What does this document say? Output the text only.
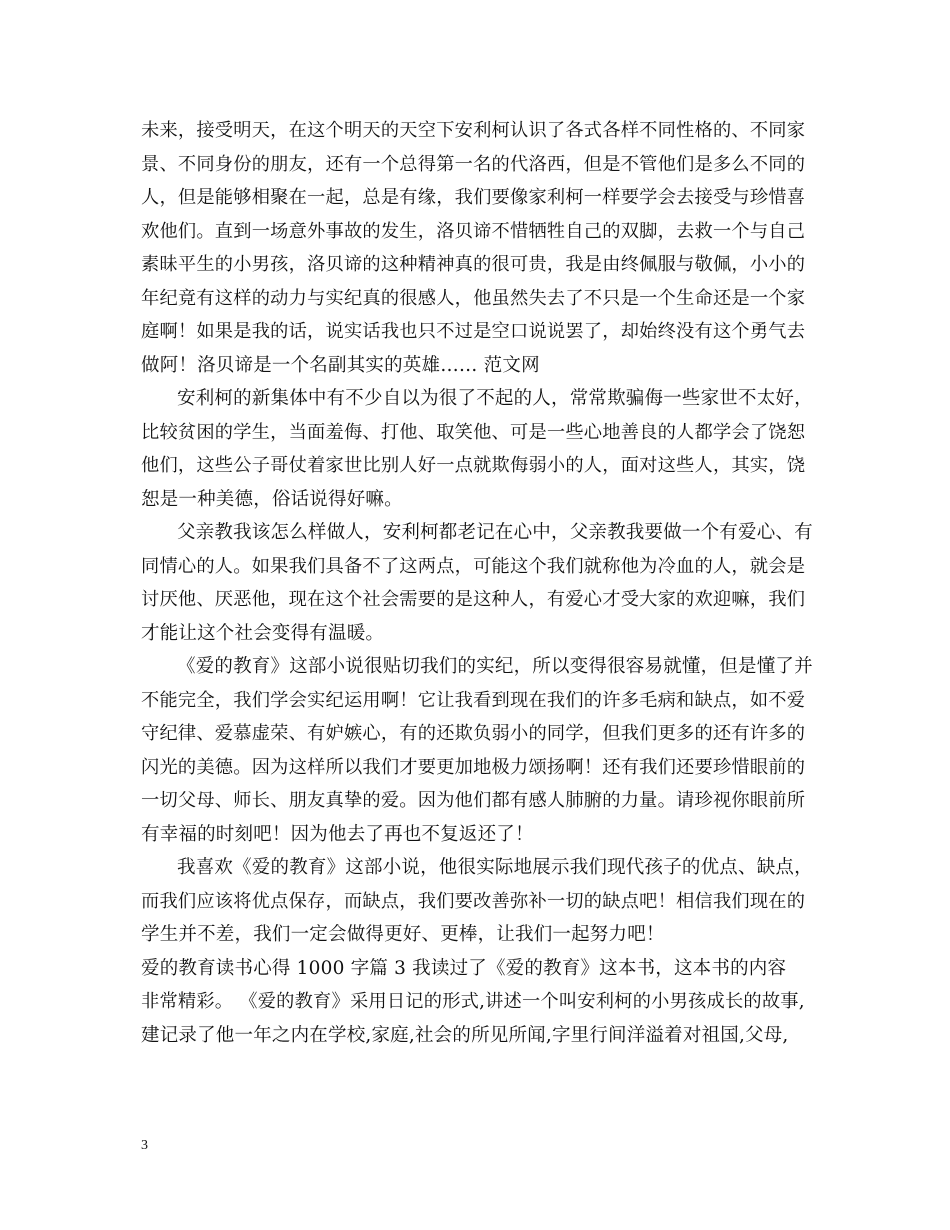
未来，接受明天，在这个明天的天空下安利柯认识了各式各样不同性格的、不同家
景、不同身份的朋友，还有一个总得第一名的代洛西，但是不管他们是多么不同的
人，但是能够相聚在一起，总是有缘，我们要像家利柯一样要学会去接受与珍惜喜
欢他们。直到一场意外事故的发生，洛贝谛不惜牺牲自己的双脚，去救一个与自己
素昧平生的小男孩，洛贝谛的这种精神真的很可贵，我是由终佩服与敬佩，小小的
年纪竟有这样的动力与实纪真的很感人，他虽然失去了不只是一个生命还是一个家
庭啊！如果是我的话，说实话我也只不过是空口说说罢了，却始终没有这个勇气去
做阿！洛贝谛是一个名副其实的英雄…… 范文网
安利柯的新集体中有不少自以为很了不起的人，常常欺骗侮一些家世不太好，
比较贫困的学生，当面羞侮、打他、取笑他、可是一些心地善良的人都学会了饶恕
他们，这些公子哥仗着家世比别人好一点就欺侮弱小的人，面对这些人，其实，饶
恕是一种美德，俗话说得好嘛。
父亲教我该怎么样做人，安利柯都老记在心中，父亲教我要做一个有爱心、有
同情心的人。如果我们具备不了这两点，可能这个我们就称他为冷血的人，就会是
讨厌他、厌恶他，现在这个社会需要的是这种人，有爱心才受大家的欢迎嘛，我们
才能让这个社会变得有温暖。
《爱的教育》这部小说很贴切我们的实纪，所以变得很容易就懂，但是懂了并
不能完全，我们学会实纪运用啊！它让我看到现在我们的许多毛病和缺点，如不爱
守纪律、爱慕虚荣、有妒嫉心，有的还欺负弱小的同学，但我们更多的还有许多的
闪光的美德。因为这样所以我们才要更加地极力颂扬啊！还有我们还要珍惜眼前的
一切父母、师长、朋友真挚的爱。因为他们都有感人肺腑的力量。请珍视你眼前所
有幸福的时刻吧！因为他去了再也不复返还了！
我喜欢《爱的教育》这部小说，他很实际地展示我们现代孩子的优点、缺点，
而我们应该将优点保存，而缺点，我们要改善弥补一切的缺点吧！相信我们现在的
学生并不差，我们一定会做得更好、更棒，让我们一起努力吧！
爱的教育读书心得 1000 字篇 3 我读过了《爱的教育》这本书，这本书的内容
非常精彩。 《爱的教育》采用日记的形式,讲述一个叫安利柯的小男孩成长的故事,
建记录了他一年之内在学校,家庭,社会的所见所闻,字里行间洋溢着对祖国,父母,
3
